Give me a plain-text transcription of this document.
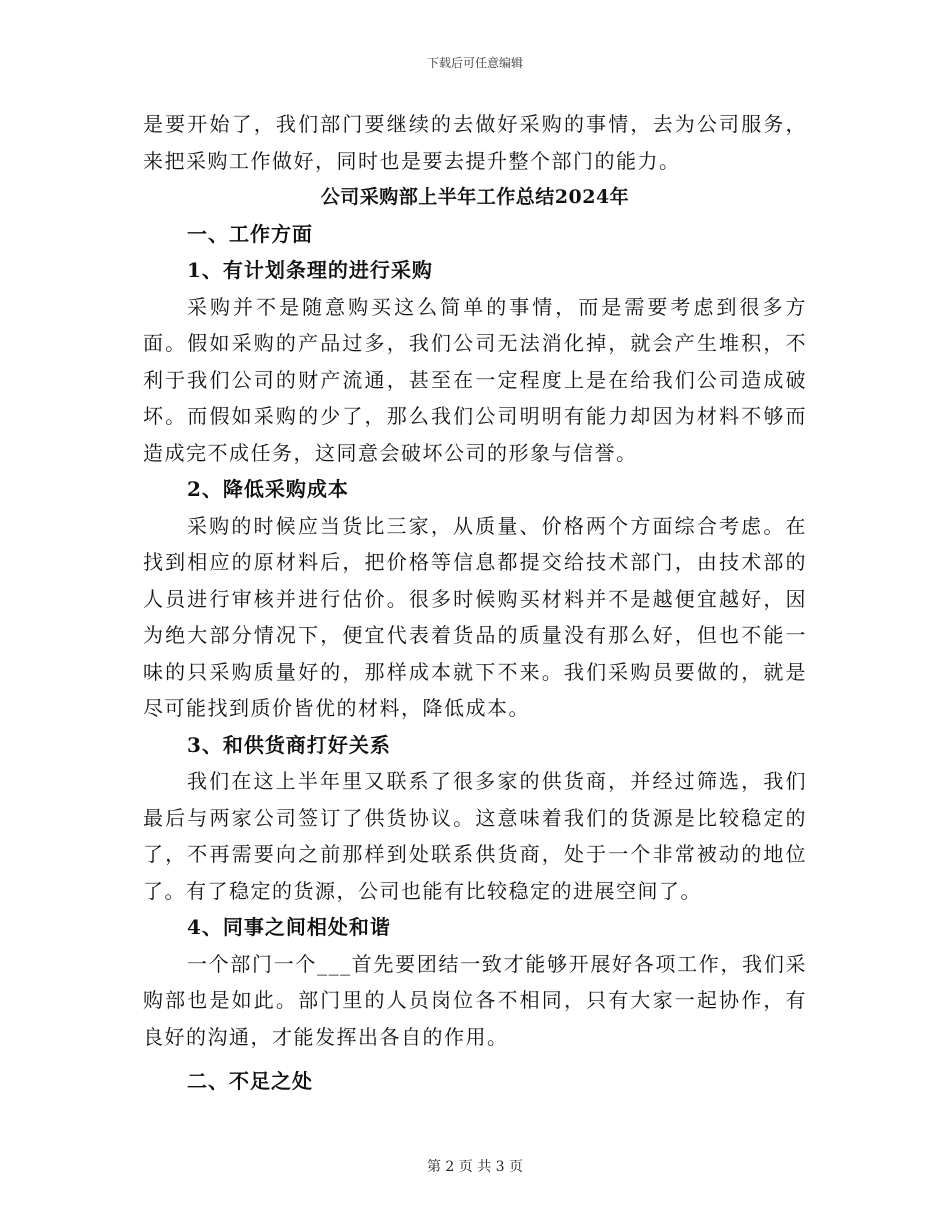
下载后可任意编辑

是要开始了，我们部门要继续的去做好采购的事情，去为公司服务，来把采购工作做好，同时也是要去提升整个部门的能力。

公司采购部上半年工作总结2024年

一、工作方面

1、有计划条理的进行采购

采购并不是随意购买这么简单的事情，而是需要考虑到很多方面。假如采购的产品过多，我们公司无法消化掉，就会产生堆积，不利于我们公司的财产流通，甚至在一定程度上是在给我们公司造成破坏。而假如采购的少了，那么我们公司明明有能力却因为材料不够而造成完不成任务，这同意会破坏公司的形象与信誉。

2、降低采购成本

采购的时候应当货比三家，从质量、价格两个方面综合考虑。在找到相应的原材料后，把价格等信息都提交给技术部门，由技术部的人员进行审核并进行估价。很多时候购买材料并不是越便宜越好，因为绝大部分情况下，便宜代表着货品的质量没有那么好，但也不能一味的只采购质量好的，那样成本就下不来。我们采购员要做的，就是尽可能找到质价皆优的材料，降低成本。

3、和供货商打好关系

我们在这上半年里又联系了很多家的供货商，并经过筛选，我们最后与两家公司签订了供货协议。这意味着我们的货源是比较稳定的了，不再需要向之前那样到处联系供货商，处于一个非常被动的地位了。有了稳定的货源，公司也能有比较稳定的进展空间了。

4、同事之间相处和谐

一个部门一个___首先要团结一致才能够开展好各项工作，我们采购部也是如此。部门里的人员岗位各不相同，只有大家一起协作，有良好的沟通，才能发挥出各自的作用。

二、不足之处

第 2 页 共 3 页
